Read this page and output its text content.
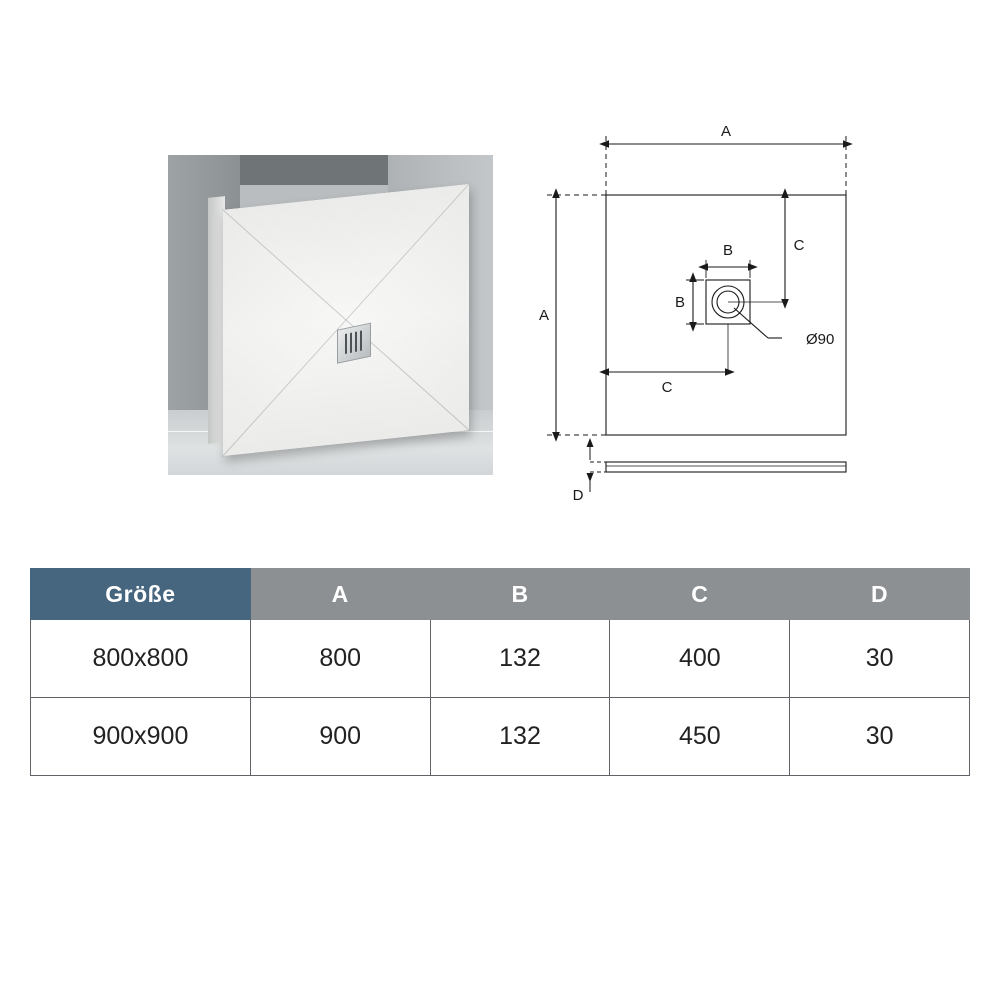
A
A
B
B
C
C
D
Ø90
Größe	A	B	C	D
800x800	800	132	400	30
900x900	900	132	450	30
